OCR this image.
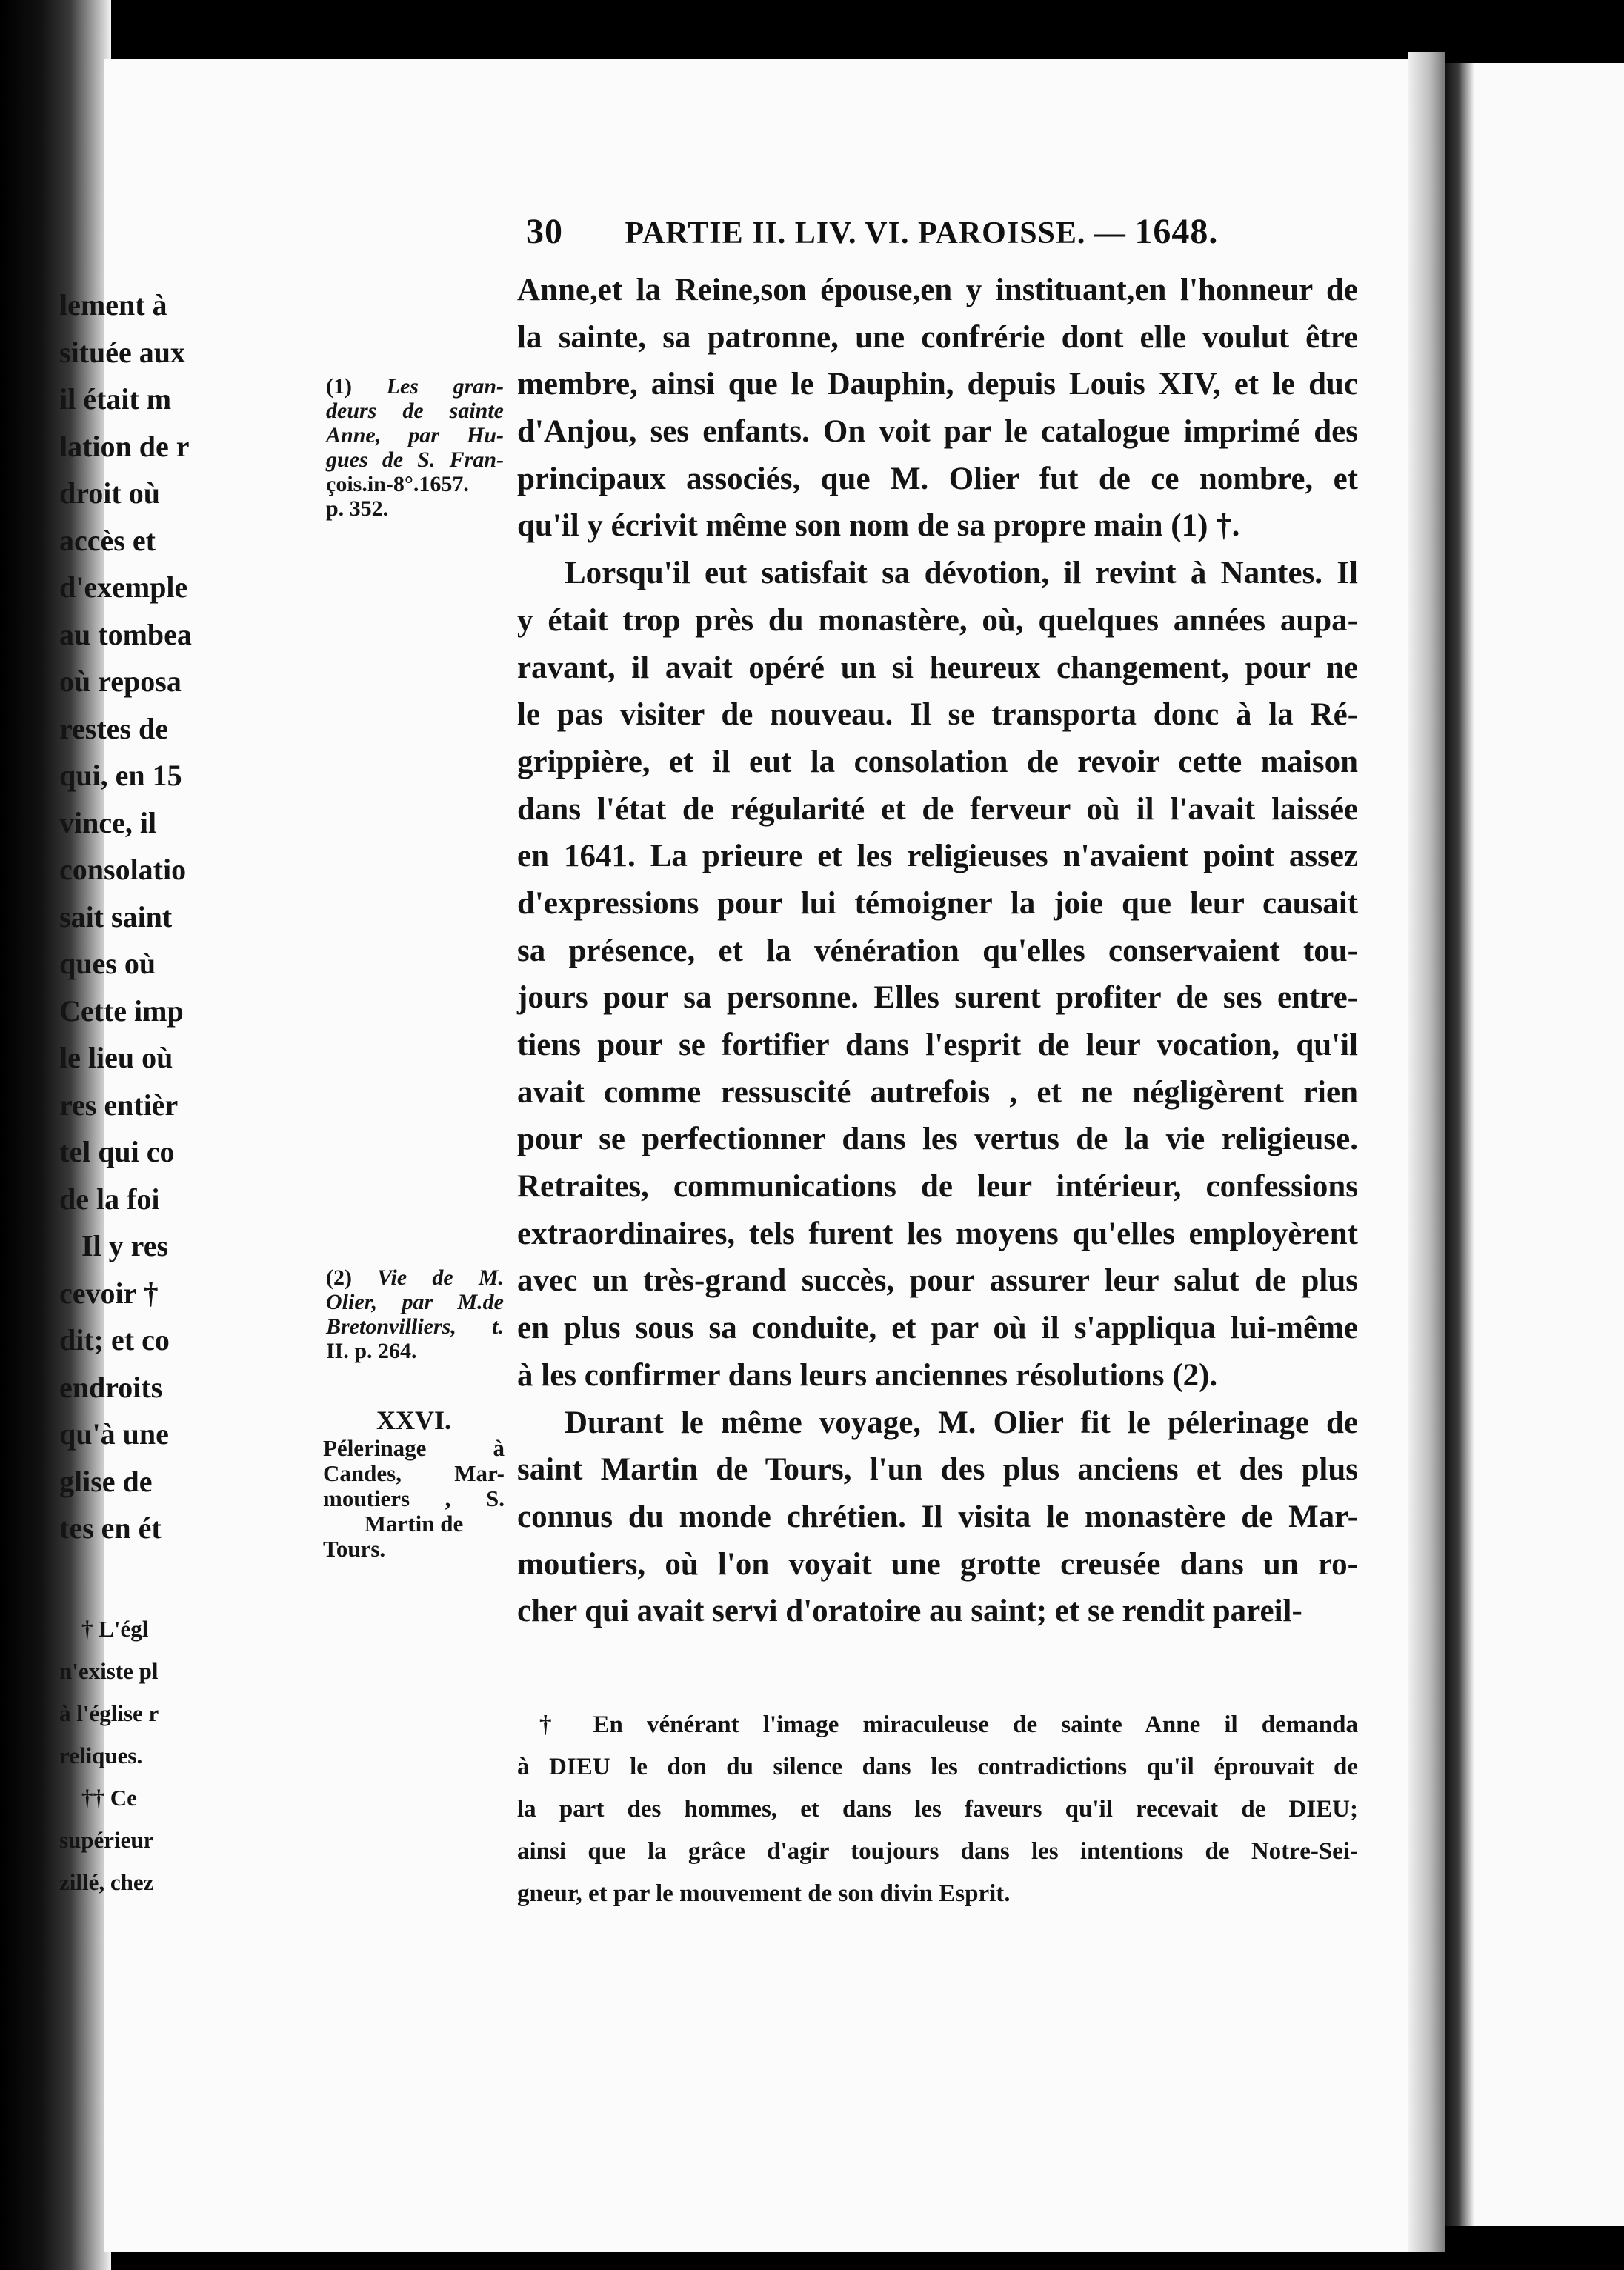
30 PARTIE II. LIV. VI. PAROISSE. — 1648.
Anne,et la Reine,son épouse,en y instituant,en l'honneur de
la sainte, sa patronne, une confrérie dont elle voulut être
membre, ainsi que le Dauphin, depuis Louis XIV, et le duc
d'Anjou, ses enfants. On voit par le catalogue imprimé des
principaux associés, que M. Olier fut de ce nombre, et
qu'il y écrivit même son nom de sa propre main (1) †.
Lorsqu'il eut satisfait sa dévotion, il revint à Nantes. Il
y était trop près du monastère, où, quelques années aupa-
ravant, il avait opéré un si heureux changement, pour ne
le pas visiter de nouveau. Il se transporta donc à la Ré-
grippière, et il eut la consolation de revoir cette maison
dans l'état de régularité et de ferveur où il l'avait laissée
en 1641. La prieure et les religieuses n'avaient point assez
d'expressions pour lui témoigner la joie que leur causait
sa présence, et la vénération qu'elles conservaient tou-
jours pour sa personne. Elles surent profiter de ses entre-
tiens pour se fortifier dans l'esprit de leur vocation, qu'il
avait comme ressuscité autrefois , et ne négligèrent rien
pour se perfectionner dans les vertus de la vie religieuse.
Retraites, communications de leur intérieur, confessions
extraordinaires, tels furent les moyens qu'elles employèrent
avec un très-grand succès, pour assurer leur salut de plus
en plus sous sa conduite, et par où il s'appliqua lui-même
à les confirmer dans leurs anciennes résolutions (2).
Durant le même voyage, M. Olier fit le pélerinage de
saint Martin de Tours, l'un des plus anciens et des plus
connus du monde chrétien. Il visita le monastère de Mar-
moutiers, où l'on voyait une grotte creusée dans un ro-
cher qui avait servi d'oratoire au saint; et se rendit pareil-
(1) Les gran-
deurs de sainte
Anne, par Hu-
gues de S. Fran-
çois.in-8°.1657.
p. 352.
(2) Vie de M.
Olier, par M.de
Bretonvilliers, t.
II. p. 264.
XXVI.
Pélerinage à
Candes, Mar-
moutiers , S.
Martin de
Tours.
† En vénérant l'image miraculeuse de sainte Anne il demanda
à DIEU le don du silence dans les contradictions qu'il éprouvait de
la part des hommes, et dans les faveurs qu'il recevait de DIEU;
ainsi que la grâce d'agir toujours dans les intentions de Notre-Sei-
gneur, et par le mouvement de son divin Esprit.
lement à
située aux
il était m
lation de r
droit où
accès et
d'exemple
au tombea
où reposa
restes de
qui, en 15
vince, il
consolatio
sait saint
ques où
Cette imp
le lieu où
res entièr
tel qui co
de la foi
Il y res
cevoir †
dit; et co
endroits
qu'à une
glise de
tes en ét
† L'égl
n'existe pl
à l'église r
reliques.
†† Ce
supérieur
zillé, chez
